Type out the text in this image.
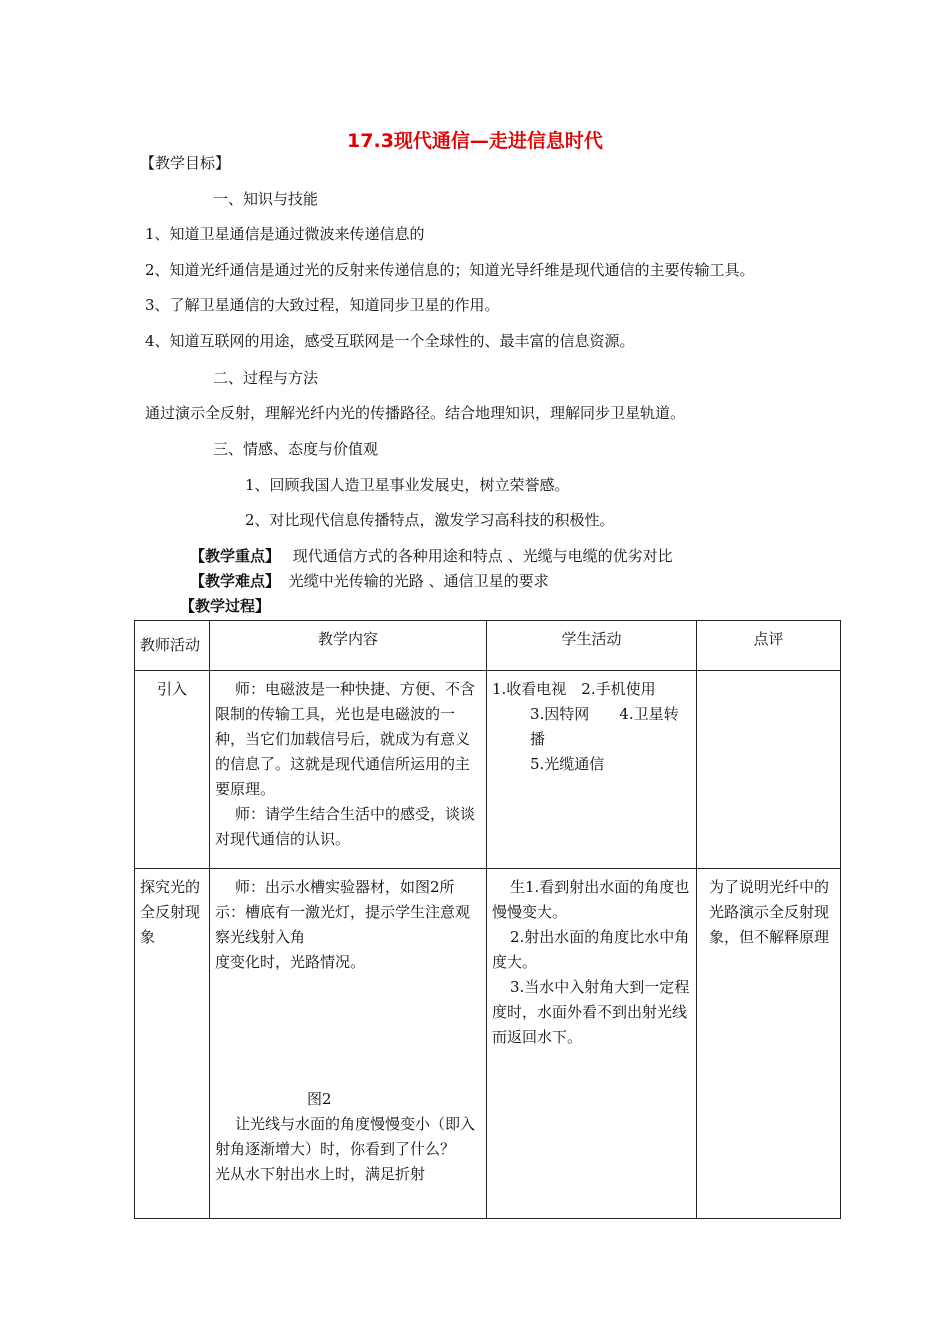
17.3现代通信—走进信息时代
【教学目标】
一、知识与技能
1、知道卫星通信是通过微波来传递信息的
2、知道光纤通信是通过光的反射来传递信息的；知道光导纤维是现代通信的主要传输工具。
3、了解卫星通信的大致过程，知道同步卫星的作用。
4、知道互联网的用途，感受互联网是一个全球性的、最丰富的信息资源。
二、过程与方法
通过演示全反射，理解光纤内光的传播路径。结合地理知识，理解同步卫星轨道。
三、情感、态度与价值观
1、回顾我国人造卫星事业发展史，树立荣誉感。
2、对比现代信息传播特点，激发学习高科技的积极性。
【教学重点】 现代通信方式的各种用途和特点 、光缆与电缆的优劣对比
【教学难点】 光缆中光传输的光路 、通信卫星的要求
【教学过程】
教师活动	教学内容	学生活动	点评
引入	师：电磁波是一种快捷、方便、不含限制的传输工具，光也是电磁波的一种，当它们加载信号后，就成为有意义的信息了。这就是现代通信所运用的主要原理。
师：请学生结合生活中的感受，谈谈对现代通信的认识。	1.收看电视　2.手机使用
3.因特网　　4.卫星转播
5.光缆通信	

探究光的全反射现象	师：出示水槽实验器材，如图2所示：槽底有一激光灯，提示学生注意观察光线射入角
度变化时，光路情况。
图2
让光线与水面的角度慢慢变小（即入射角逐渐增大）时，你看到了什么？
光从水下射出水上时，满足折射	生1.看到射出水面的角度也慢慢变大。
2.射出水面的角度比水中角度大。
3.当水中入射角大到一定程度时，水面外看不到出射光线而返回水下。	为了说明光纤中的光路演示全反射现象，但不解释原理
